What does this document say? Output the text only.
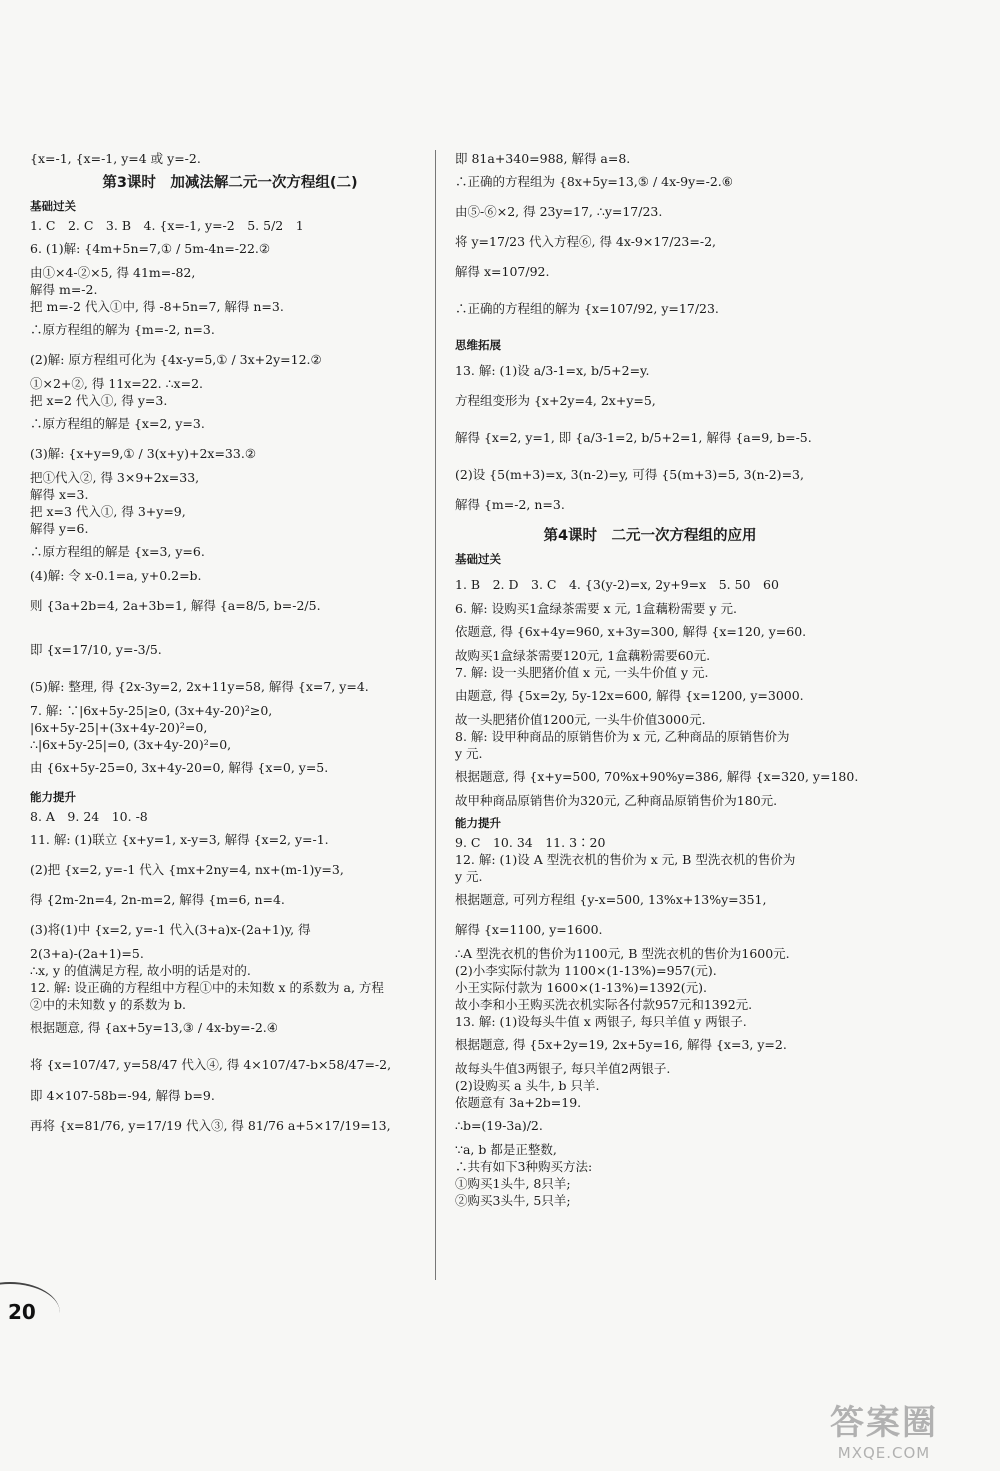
{x=-1, {x=-1, y=4 或 y=-2.
第3课时　加减法解二元一次方程组(二)
基础过关
1. C　2. C　3. B　4. {x=-1, y=-2　5. 5/2　1
6. (1)解: {4m+5n=7,① / 5m-4n=-22.②
由①×4-②×5, 得 41m=-82,
解得 m=-2.
把 m=-2 代入①中, 得 -8+5n=7, 解得 n=3.
∴原方程组的解为 {m=-2, n=3.
(2)解: 原方程组可化为 {4x-y=5,① / 3x+2y=12.②
①×2+②, 得 11x=22. ∴x=2.
把 x=2 代入①, 得 y=3.
∴原方程组的解是 {x=2, y=3.
(3)解: {x+y=9,① / 3(x+y)+2x=33.②
把①代入②, 得 3×9+2x=33,
解得 x=3.
把 x=3 代入①, 得 3+y=9,
解得 y=6.
∴原方程组的解是 {x=3, y=6.
(4)解: 令 x-0.1=a, y+0.2=b.
则 {3a+2b=4, 2a+3b=1, 解得 {a=8/5, b=-2/5.
即 {x=17/10, y=-3/5.
(5)解: 整理, 得 {2x-3y=2, 2x+11y=58, 解得 {x=7, y=4.
7. 解: ∵|6x+5y-25|≥0, (3x+4y-20)²≥0,
|6x+5y-25|+(3x+4y-20)²=0,
∴|6x+5y-25|=0, (3x+4y-20)²=0,
由 {6x+5y-25=0, 3x+4y-20=0, 解得 {x=0, y=5.
能力提升
8. A　9. 24　10. -8
11. 解: (1)联立 {x+y=1, x-y=3, 解得 {x=2, y=-1.
(2)把 {x=2, y=-1 代入 {mx+2ny=4, nx+(m-1)y=3,
得 {2m-2n=4, 2n-m=2, 解得 {m=6, n=4.
(3)将(1)中 {x=2, y=-1 代入(3+a)x-(2a+1)y, 得
2(3+a)-(2a+1)=5.
∴x, y 的值满足方程, 故小明的话是对的.
12. 解: 设正确的方程组中方程①中的未知数 x 的系数为 a, 方程
②中的未知数 y 的系数为 b.
根据题意, 得 {ax+5y=13,③ / 4x-by=-2.④
将 {x=107/47, y=58/47 代入④, 得 4×107/47-b×58/47=-2,
即 4×107-58b=-94, 解得 b=9.
再将 {x=81/76, y=17/19 代入③, 得 81/76 a+5×17/19=13,
即 81a+340=988, 解得 a=8.
∴正确的方程组为 {8x+5y=13,⑤ / 4x-9y=-2.⑥
由⑤-⑥×2, 得 23y=17, ∴y=17/23.
将 y=17/23 代入方程⑥, 得 4x-9×17/23=-2,
解得 x=107/92.
∴正确的方程组的解为 {x=107/92, y=17/23.
思维拓展
13. 解: (1)设 a/3-1=x, b/5+2=y.
方程组变形为 {x+2y=4, 2x+y=5,
解得 {x=2, y=1, 即 {a/3-1=2, b/5+2=1, 解得 {a=9, b=-5.
(2)设 {5(m+3)=x, 3(n-2)=y, 可得 {5(m+3)=5, 3(n-2)=3,
解得 {m=-2, n=3.
第4课时　二元一次方程组的应用
基础过关
1. B　2. D　3. C　4. {3(y-2)=x, 2y+9=x　5. 50　60
6. 解: 设购买1盒绿茶需要 x 元, 1盒藕粉需要 y 元.
依题意, 得 {6x+4y=960, x+3y=300, 解得 {x=120, y=60.
故购买1盒绿茶需要120元, 1盒藕粉需要60元.
7. 解: 设一头肥猪价值 x 元, 一头牛价值 y 元.
由题意, 得 {5x=2y, 5y-12x=600, 解得 {x=1200, y=3000.
故一头肥猪价值1200元, 一头牛价值3000元.
8. 解: 设甲种商品的原销售价为 x 元, 乙种商品的原销售价为
y 元.
根据题意, 得 {x+y=500, 70%x+90%y=386, 解得 {x=320, y=180.
故甲种商品原销售价为320元, 乙种商品原销售价为180元.
能力提升
9. C　10. 34　11. 3∶20
12. 解: (1)设 A 型洗衣机的售价为 x 元, B 型洗衣机的售价为
y 元.
根据题意, 可列方程组 {y-x=500, 13%x+13%y=351,
解得 {x=1100, y=1600.
∴A 型洗衣机的售价为1100元, B 型洗衣机的售价为1600元.
(2)小李实际付款为 1100×(1-13%)=957(元).
小王实际付款为 1600×(1-13%)=1392(元).
故小李和小王购买洗衣机实际各付款957元和1392元.
13. 解: (1)设每头牛值 x 两银子, 每只羊值 y 两银子.
根据题意, 得 {5x+2y=19, 2x+5y=16, 解得 {x=3, y=2.
故每头牛值3两银子, 每只羊值2两银子.
(2)设购买 a 头牛, b 只羊.
依题意有 3a+2b=19.
∴b=(19-3a)/2.
∵a, b 都是正整数,
∴共有如下3种购买方法:
①购买1头牛, 8只羊;
②购买3头牛, 5只羊;
20
答案圈
MXQE.COM
